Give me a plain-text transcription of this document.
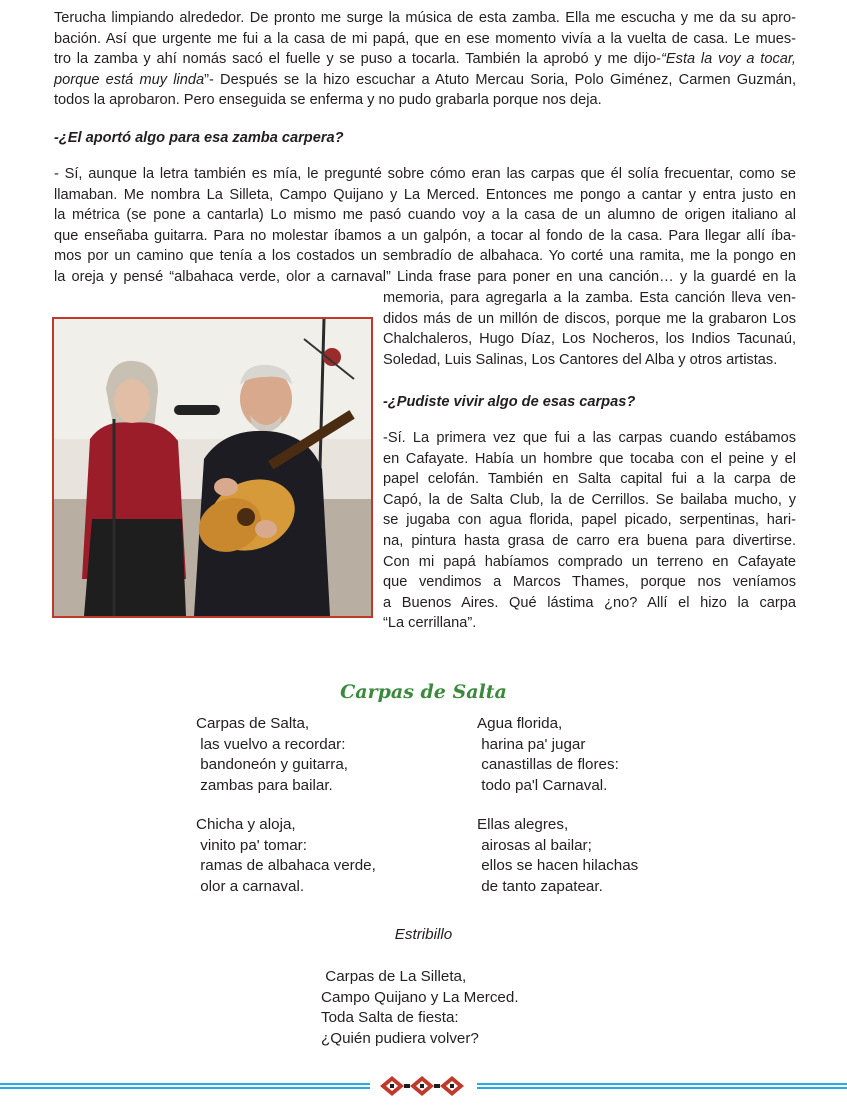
Terucha limpiando alrededor. De pronto me surge la música de esta zamba. Ella me escucha y me da su apro-
bación. Así que urgente me fui a la casa de mi papá, que en ese momento vivía a la vuelta de casa. Le mues-
tro la zamba y ahí nomás sacó el fuelle y se puso a tocarla. También la aprobó y me dijo-“Esta la voy a tocar,
porque está muy linda”- Después se la hizo escuchar a Atuto Mercau Soria, Polo Giménez, Carmen Guzmán,
todos la aprobaron. Pero enseguida se enferma y no pudo grabarla porque nos deja.

-¿El aportó algo para esa zamba carpera?

- Sí, aunque la letra también es mía, le pregunté sobre cómo eran las carpas que él solía frecuentar, como se
llamaban. Me nombra La Silleta, Campo Quijano y La Merced. Entonces me pongo a cantar y entra justo en
la métrica (se pone a cantarla) Lo mismo me pasó cuando voy a la casa de un alumno de origen italiano al
que enseñaba guitarra. Para no molestar íbamos a un galpón, a tocar al fondo de la casa. Para llegar allí íba-
mos por un camino que tenía a los costados un sembradío de albahaca. Yo corté una ramita, me la pongo en
la oreja y pensé “albahaca verde, olor a carnaval” Linda frase para poner en una canción… y la guardé en la
memoria, para agregarla a la zamba. Esta canción lleva ven-
didos más de un millón de discos, porque me la grabaron Los
Chalchaleros, Hugo Díaz, Los Nocheros, los Indios Tacunaú,
Soledad, Luis Salinas, Los Cantores del Alba y otros artistas.

-¿Pudiste vivir algo de esas carpas?

-Sí. La primera vez que fui a las carpas cuando estábamos
en Cafayate. Había un hombre que tocaba con el peine y el
papel celofán. También en Salta capital fui a la carpa de
Capó, la de Salta Club, la de Cerrillos. Se bailaba mucho, y
se jugaba con agua florida, papel picado, serpentinas, hari-
na, pintura hasta grasa de carro era buena para divertirse.
Con mi papá habíamos comprado un terreno en Cafayate
que vendimos a Marcos Thames, porque nos veníamos
a Buenos Aires. Qué lástima ¿no? Allí el hizo la carpa
“La cerrillana”.

Carpas de Salta

Carpas de Salta,
las vuelvo a recordar:
bandoneón y guitarra,
zambas para bailar.

Agua florida,
harina pa' jugar
canastillas de flores:
todo pa'l Carnaval.

Chicha y aloja,
vinito pa' tomar:
ramas de albahaca verde,
olor a carnaval.

Ellas alegres,
airosas al bailar;
ellos se hacen hilachas
de tanto zapatear.

Estribillo

Carpas de La Silleta,
Campo Quijano y La Merced.
Toda Salta de fiesta:
¿Quién pudiera volver?
